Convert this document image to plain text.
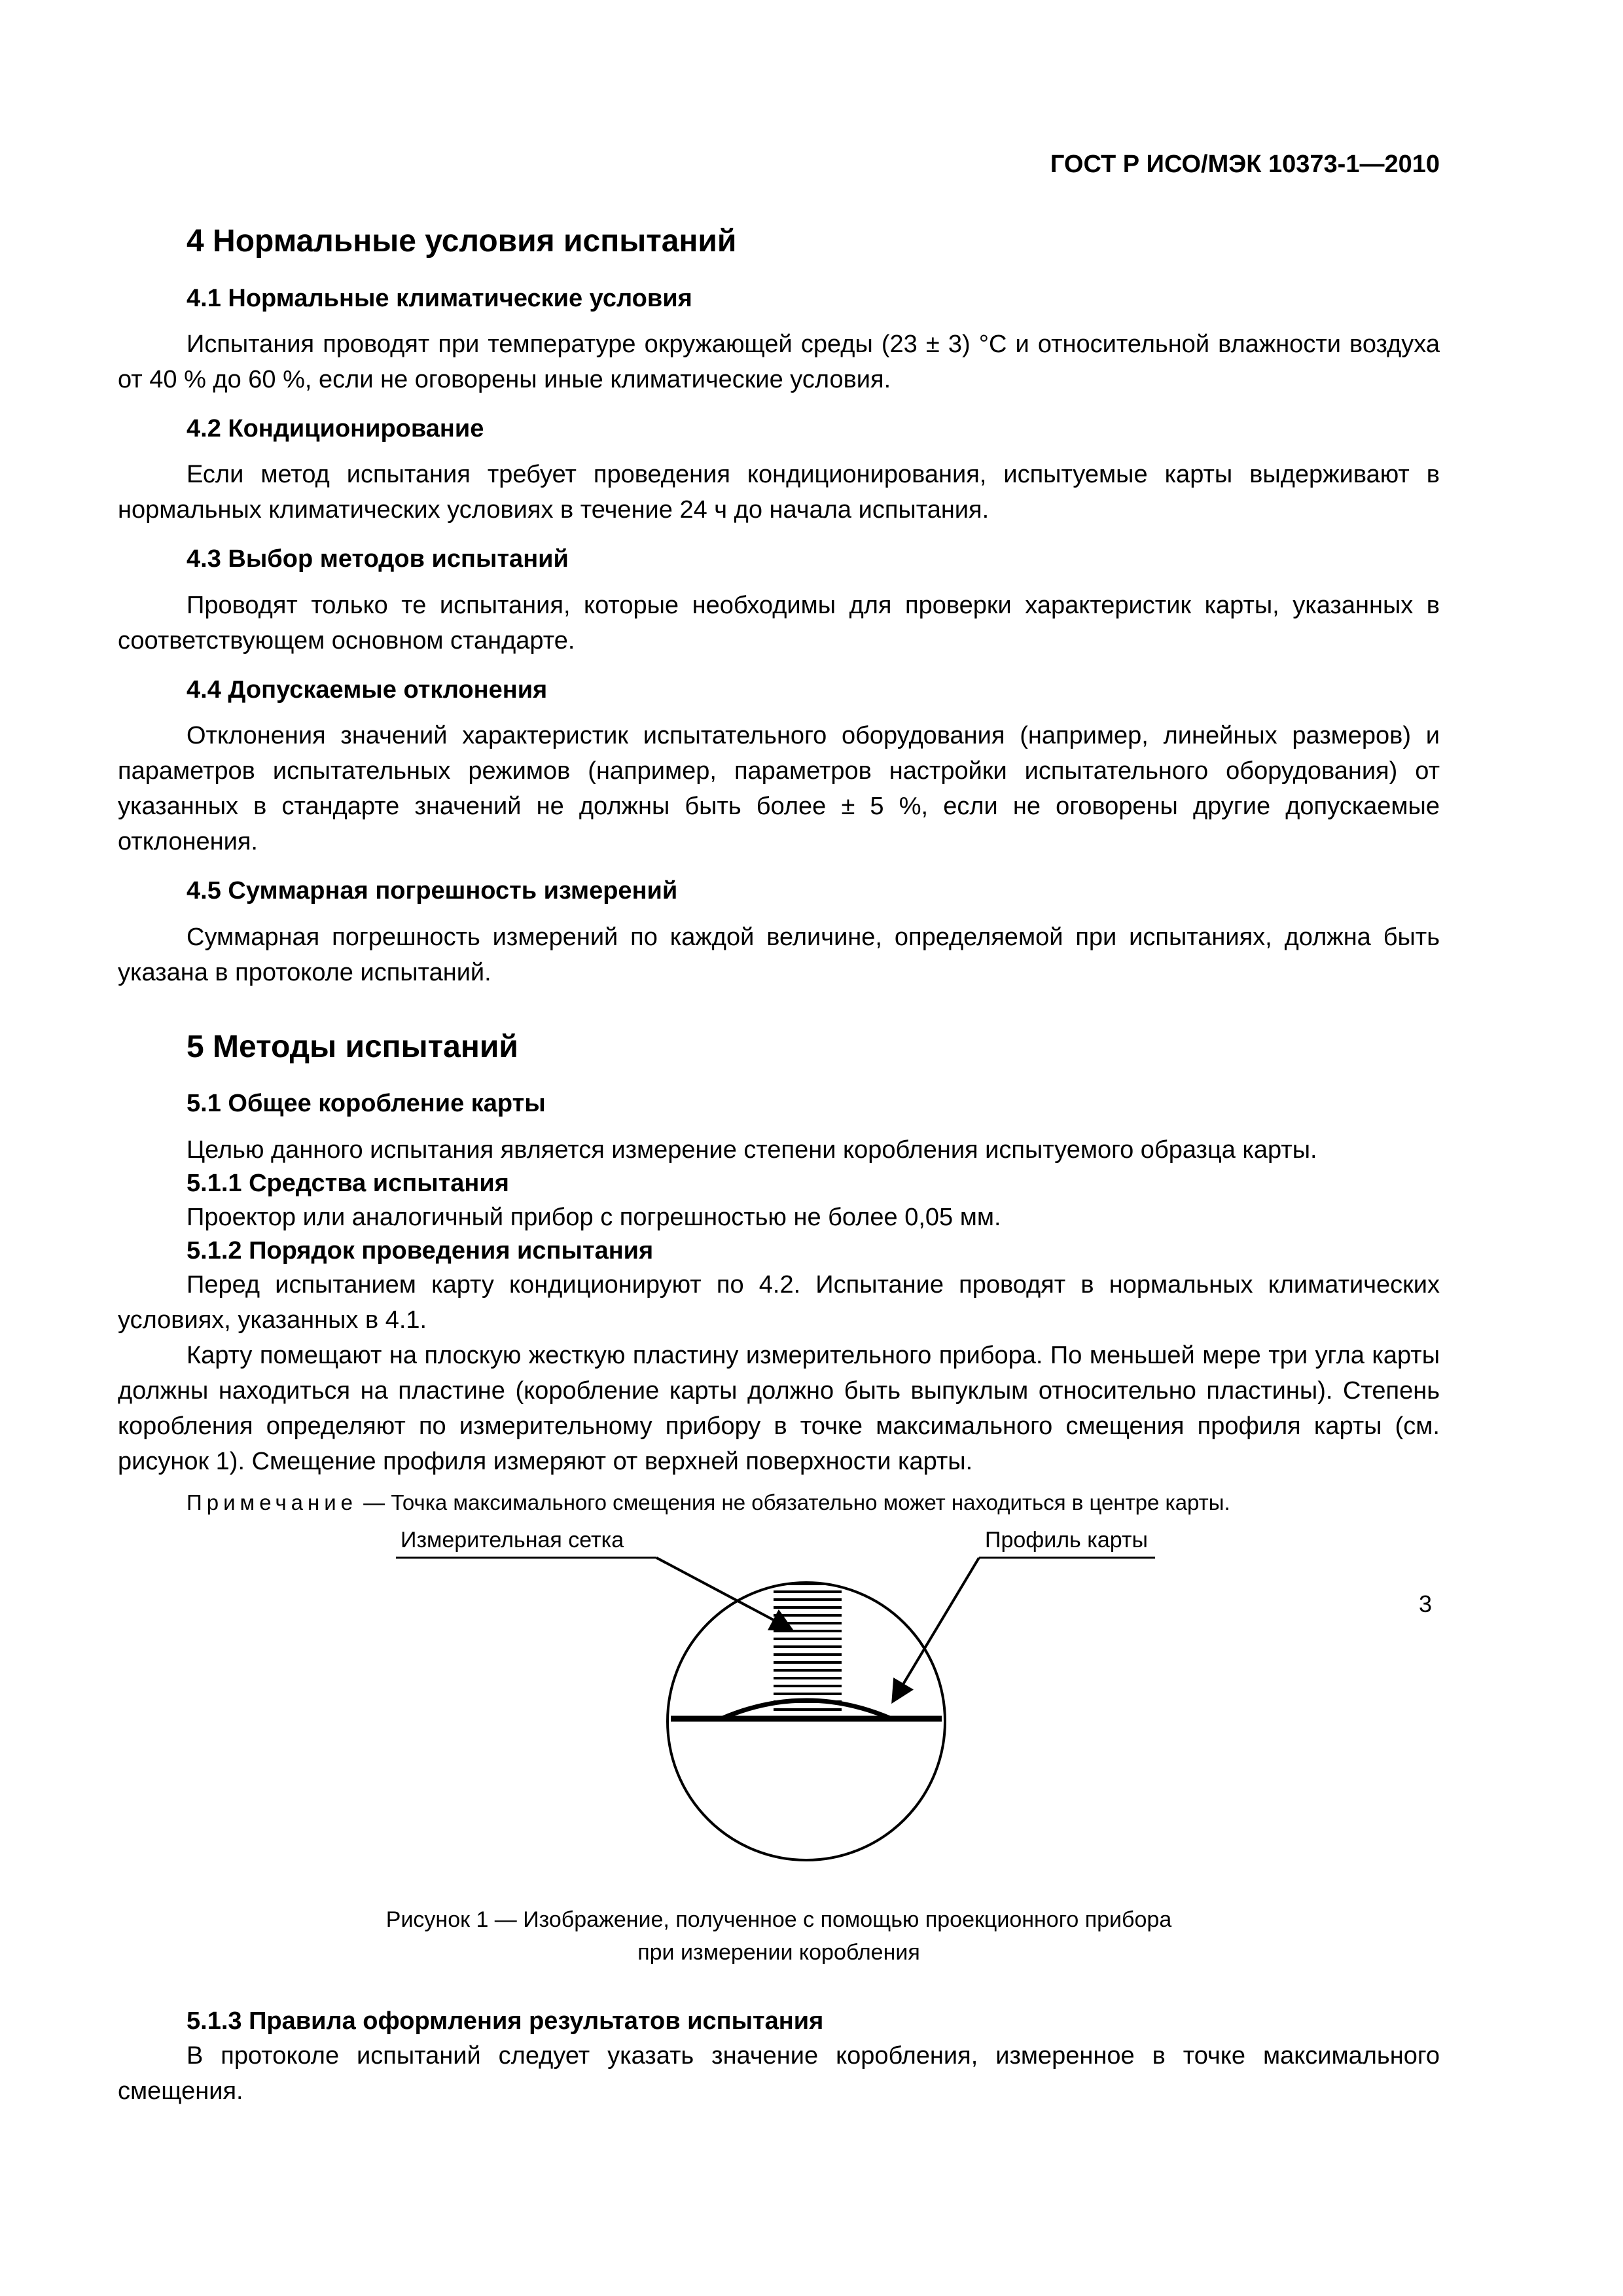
ГОСТ Р ИСО/МЭК 10373-1—2010

4 Нормальные условия испытаний
4.1 Нормальные климатические условия

Испытания проводят при температуре окружающей среды (23 ± 3) °С и относительной влажности воздуха от 40 % до 60 %, если не оговорены иные климатические условия.

4.2 Кондиционирование

Если метод испытания требует проведения кондиционирования, испытуемые карты выдерживают в нормальных климатических условиях в течение 24 ч до начала испытания.

4.3 Выбор методов испытаний

Проводят только те испытания, которые необходимы для проверки характеристик карты, указанных в соответствующем основном стандарте.

4.4 Допускаемые отклонения

Отклонения значений характеристик испытательного оборудования (например, линейных размеров) и параметров испытательных режимов (например, параметров настройки испытательного оборудования) от указанных в стандарте значений не должны быть более ± 5 %, если не оговорены другие допускаемые отклонения.

4.5 Суммарная погрешность измерений

Суммарная погрешность измерений по каждой величине, определяемой при испытаниях, должна быть указана в протоколе испытаний.

5 Методы испытаний
5.1 Общее коробление карты

Целью данного испытания является измерение степени коробления испытуемого образца карты.

5.1.1 Средства испытания

Проектор или аналогичный прибор с погрешностью не более 0,05 мм.

5.1.2 Порядок проведения испытания

Перед испытанием карту кондиционируют по 4.2. Испытание проводят в нормальных климатических условиях, указанных в 4.1.

Карту помещают на плоскую жесткую пластину измерительного прибора. По меньшей мере три угла карты должны находиться на пластине (коробление карты должно быть выпуклым относительно пластины). Степень коробления определяют по измерительному прибору в точке максимального смещения профиля карты (см. рисунок 1). Смещение профиля измеряют от верхней поверхности карты.

Примечание — Точка максимального смещения не обязательно может находиться в центре карты.

Измерительная сетка	Профиль карты
Рисунок 1 — Изображение, полученное с помощью проекционного прибора
при измерении коробления
5.1.3 Правила оформления результатов испытания

В протоколе испытаний следует указать значение коробления, измеренное в точке максимального смещения.

3
